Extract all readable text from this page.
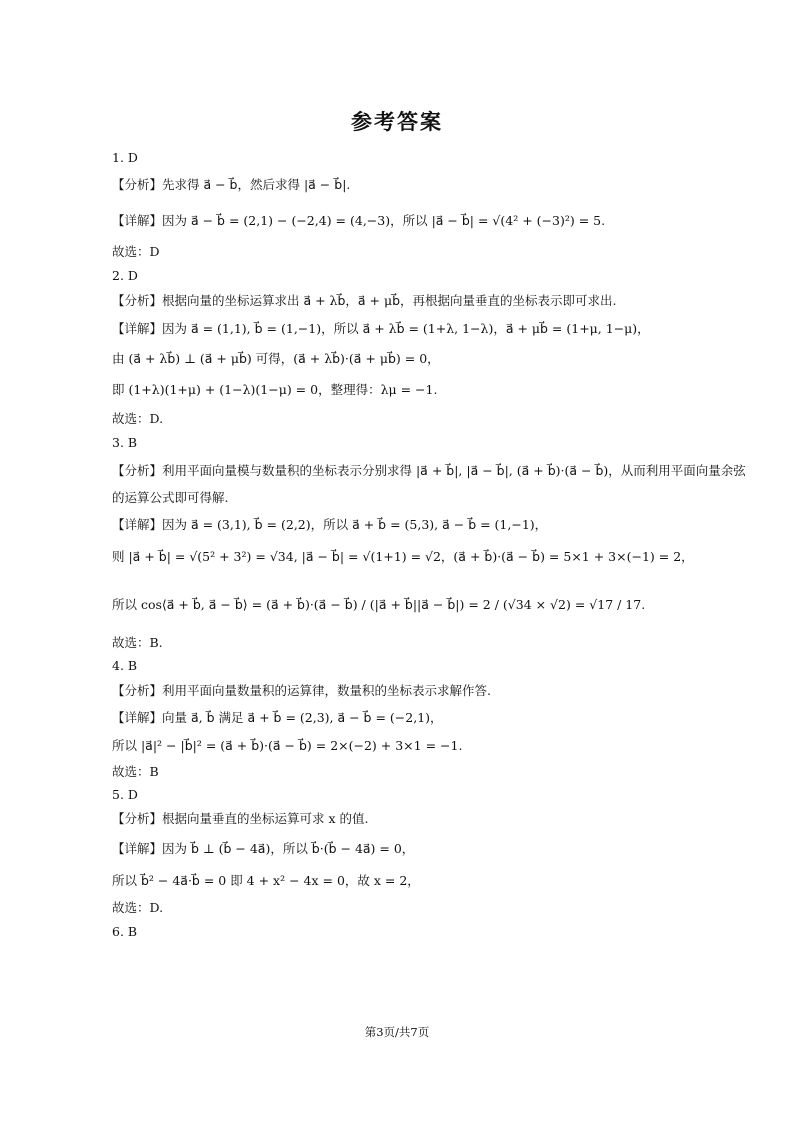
参考答案
1. D
【分析】先求得 a⃗ − b⃗，然后求得 |a⃗ − b⃗|.
【详解】因为 a⃗ − b⃗ = (2,1) − (−2,4) = (4,−3)，所以 |a⃗ − b⃗| = √(4² + (−3)²) = 5.
故选：D
2. D
【分析】根据向量的坐标运算求出 a⃗ + λb⃗，a⃗ + μb⃗，再根据向量垂直的坐标表示即可求出.
【详解】因为 a⃗ = (1,1), b⃗ = (1,−1)，所以 a⃗ + λb⃗ = (1+λ, 1−λ)，a⃗ + μb⃗ = (1+μ, 1−μ)，
由 (a⃗ + λb⃗) ⊥ (a⃗ + μb⃗) 可得，(a⃗ + λb⃗)·(a⃗ + μb⃗) = 0，
即 (1+λ)(1+μ) + (1−λ)(1−μ) = 0，整理得：λμ = −1.
故选：D.
3. B
【分析】利用平面向量模与数量积的坐标表示分别求得 |a⃗ + b⃗|, |a⃗ − b⃗|, (a⃗ + b⃗)·(a⃗ − b⃗)，从而利用平面向量余弦
的运算公式即可得解.
【详解】因为 a⃗ = (3,1), b⃗ = (2,2)，所以 a⃗ + b⃗ = (5,3), a⃗ − b⃗ = (1,−1)，
则 |a⃗ + b⃗| = √(5² + 3²) = √34, |a⃗ − b⃗| = √(1+1) = √2，(a⃗ + b⃗)·(a⃗ − b⃗) = 5×1 + 3×(−1) = 2，
所以 cos⟨a⃗ + b⃗, a⃗ − b⃗⟩ = (a⃗ + b⃗)·(a⃗ − b⃗) / (|a⃗ + b⃗||a⃗ − b⃗|) = 2 / (√34 × √2) = √17 / 17.
故选：B.
4. B
【分析】利用平面向量数量积的运算律，数量积的坐标表示求解作答.
【详解】向量 a⃗, b⃗ 满足 a⃗ + b⃗ = (2,3), a⃗ − b⃗ = (−2,1)，
所以 |a⃗|² − |b⃗|² = (a⃗ + b⃗)·(a⃗ − b⃗) = 2×(−2) + 3×1 = −1.
故选：B
5. D
【分析】根据向量垂直的坐标运算可求 x 的值.
【详解】因为 b⃗ ⊥ (b⃗ − 4a⃗)，所以 b⃗·(b⃗ − 4a⃗) = 0，
所以 b⃗² − 4a⃗·b⃗ = 0 即 4 + x² − 4x = 0，故 x = 2，
故选：D.
6. B
第3页/共7页
